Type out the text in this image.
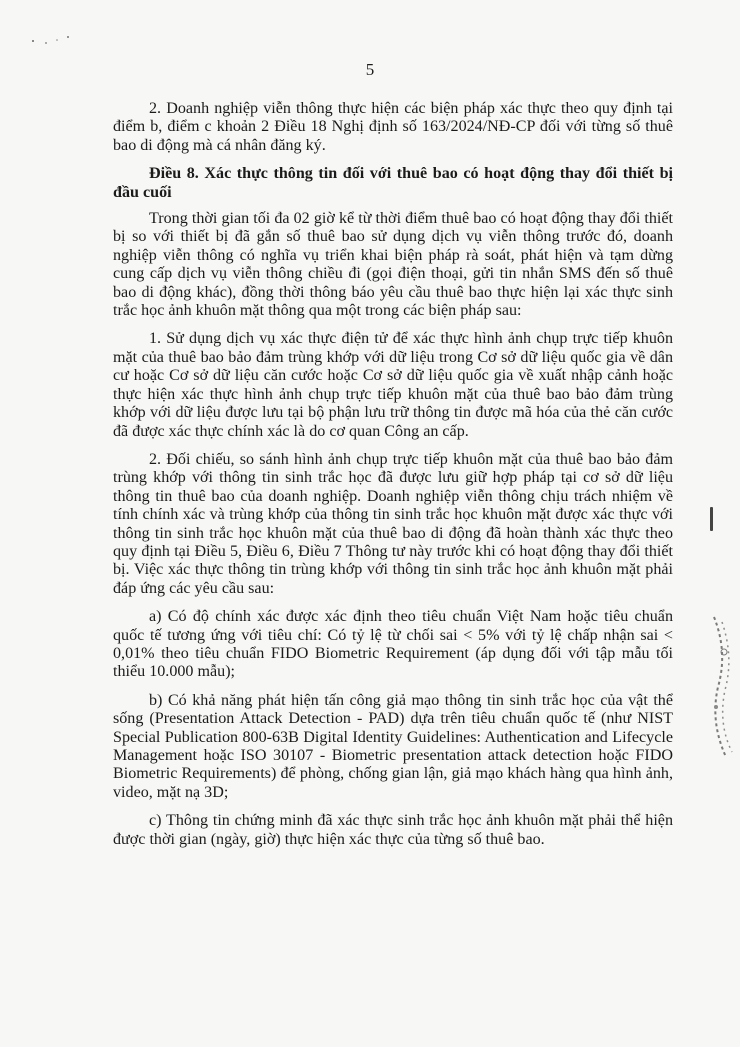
5

2. Doanh nghiệp viễn thông thực hiện các biện pháp xác thực theo quy định tại điểm b, điểm c khoản 2 Điều 18 Nghị định số 163/2024/NĐ-CP đối với từng số thuê bao di động mà cá nhân đăng ký.

Điều 8. Xác thực thông tin đối với thuê bao có hoạt động thay đổi thiết bị đầu cuối

Trong thời gian tối đa 02 giờ kể từ thời điểm thuê bao có hoạt động thay đổi thiết bị so với thiết bị đã gắn số thuê bao sử dụng dịch vụ viễn thông trước đó, doanh nghiệp viễn thông có nghĩa vụ triển khai biện pháp rà soát, phát hiện và tạm dừng cung cấp dịch vụ viễn thông chiều đi (gọi điện thoại, gửi tin nhắn SMS đến số thuê bao di động khác), đồng thời thông báo yêu cầu thuê bao thực hiện lại xác thực sinh trắc học ảnh khuôn mặt thông qua một trong các biện pháp sau:

1. Sử dụng dịch vụ xác thực điện tử để xác thực hình ảnh chụp trực tiếp khuôn mặt của thuê bao bảo đảm trùng khớp với dữ liệu trong Cơ sở dữ liệu quốc gia về dân cư hoặc Cơ sở dữ liệu căn cước hoặc Cơ sở dữ liệu quốc gia về xuất nhập cảnh hoặc thực hiện xác thực hình ảnh chụp trực tiếp khuôn mặt của thuê bao bảo đảm trùng khớp với dữ liệu được lưu tại bộ phận lưu trữ thông tin được mã hóa của thẻ căn cước đã được xác thực chính xác là do cơ quan Công an cấp.

2. Đối chiếu, so sánh hình ảnh chụp trực tiếp khuôn mặt của thuê bao bảo đảm trùng khớp với thông tin sinh trắc học đã được lưu giữ hợp pháp tại cơ sở dữ liệu thông tin thuê bao của doanh nghiệp. Doanh nghiệp viễn thông chịu trách nhiệm về tính chính xác và trùng khớp của thông tin sinh trắc học khuôn mặt được xác thực với thông tin sinh trắc học khuôn mặt của thuê bao di động đã hoàn thành xác thực theo quy định tại Điều 5, Điều 6, Điều 7 Thông tư này trước khi có hoạt động thay đổi thiết bị. Việc xác thực thông tin trùng khớp với thông tin sinh trắc học ảnh khuôn mặt phải đáp ứng các yêu cầu sau:

a) Có độ chính xác được xác định theo tiêu chuẩn Việt Nam hoặc tiêu chuẩn quốc tế tương ứng với tiêu chí: Có tỷ lệ từ chối sai < 5% với tỷ lệ chấp nhận sai < 0,01% theo tiêu chuẩn FIDO Biometric Requirement (áp dụng đối với tập mẫu tối thiểu 10.000 mẫu);

b) Có khả năng phát hiện tấn công giả mạo thông tin sinh trắc học của vật thể sống (Presentation Attack Detection - PAD) dựa trên tiêu chuẩn quốc tế (như NIST Special Publication 800-63B Digital Identity Guidelines: Authentication and Lifecycle Management hoặc ISO 30107 - Biometric presentation attack detection hoặc FIDO Biometric Requirements) để phòng, chống gian lận, giả mạo khách hàng qua hình ảnh, video, mặt nạ 3D;

c) Thông tin chứng minh đã xác thực sinh trắc học ảnh khuôn mặt phải thể hiện được thời gian (ngày, giờ) thực hiện xác thực của từng số thuê bao.
